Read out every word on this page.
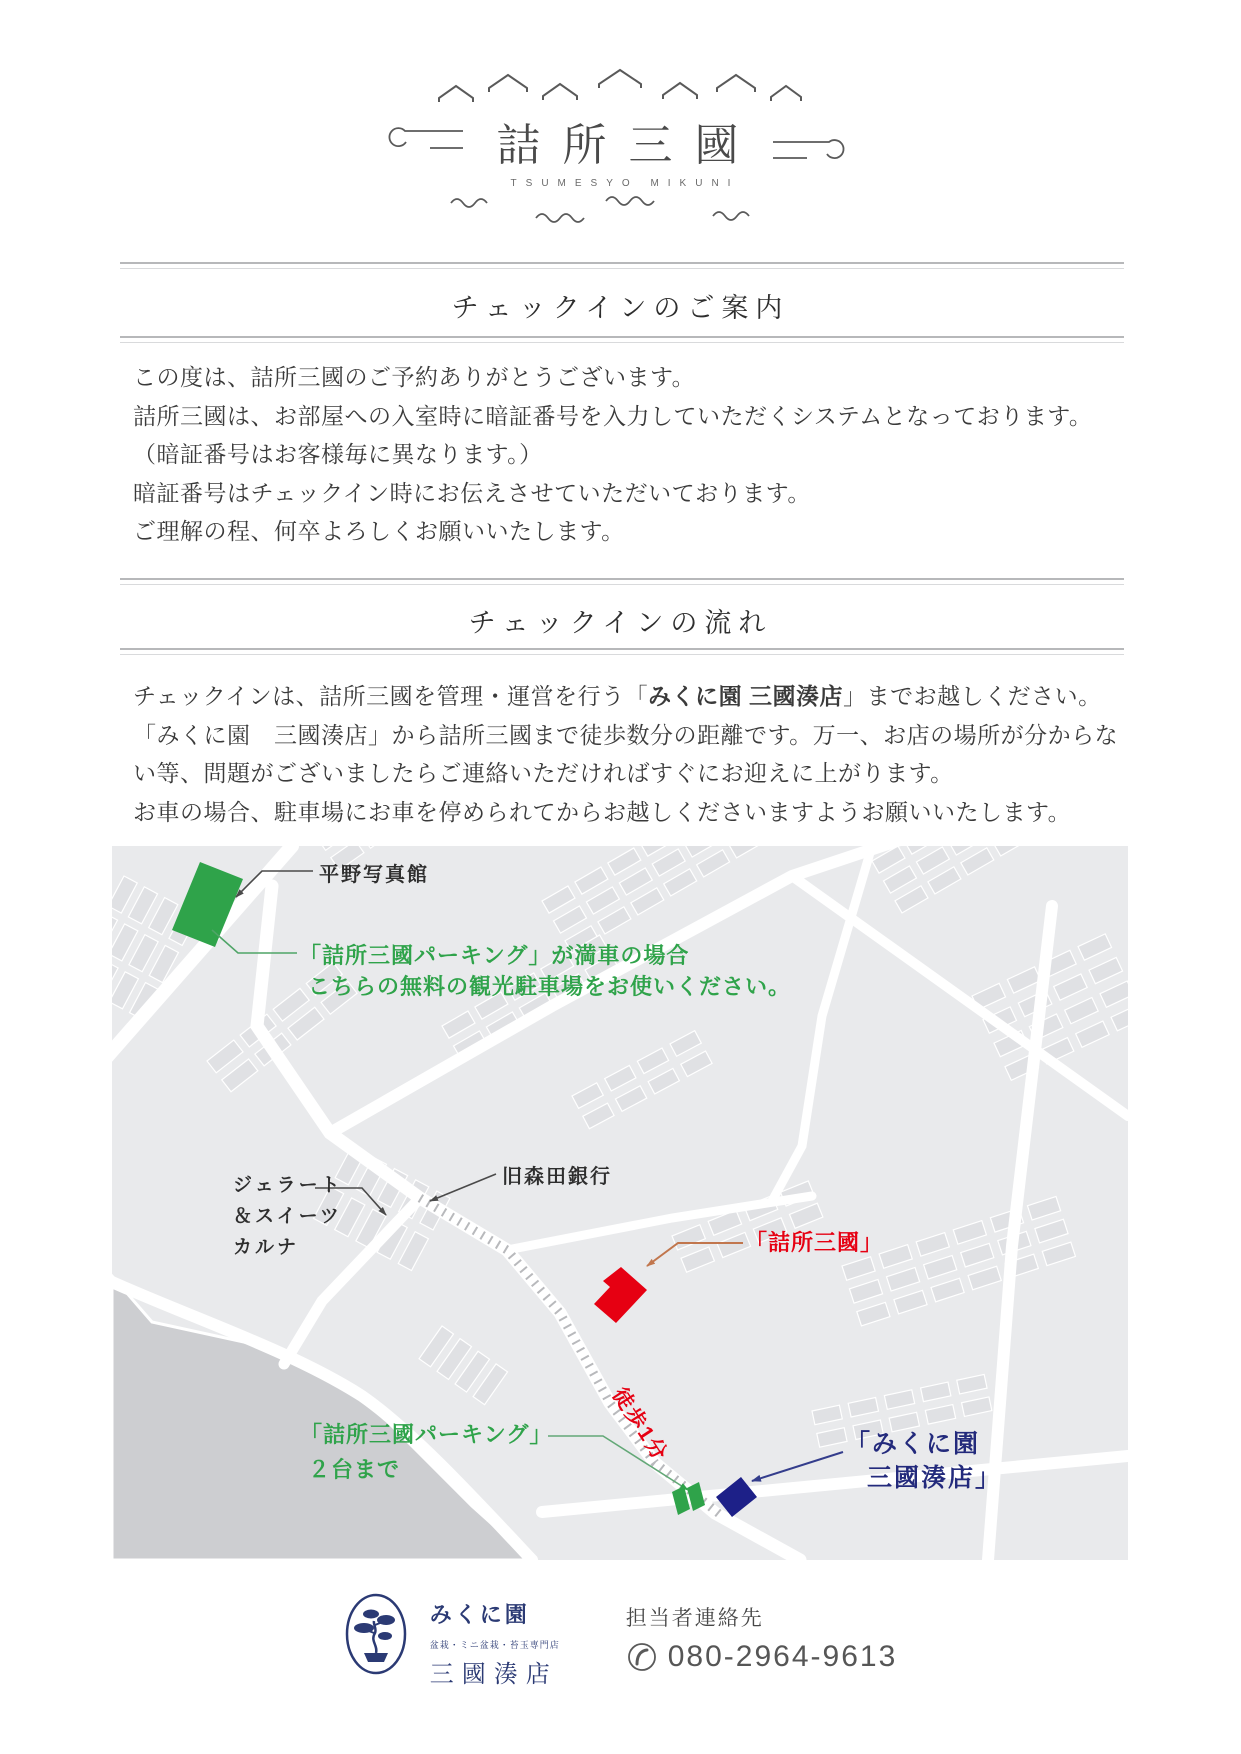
詰所三國
TSUMESYO MIKUNI
チェックインのご案内

この度は、詰所三國のご予約ありがとうございます。

詰所三國は、お部屋への入室時に暗証番号を入力していただくシステムとなっております。

（暗証番号はお客様毎に異なります。）

暗証番号はチェックイン時にお伝えさせていただいております。

ご理解の程、何卒よろしくお願いいたします。

チェックインの流れ

チェックインは、詰所三國を管理・運営を行う「みくに園 三國湊店」までお越しください。

「みくに園　三國湊店」から詰所三國まで徒歩数分の距離です。万一、お店の場所が分からな

い等、問題がございましたらご連絡いただければすぐにお迎えに上がります。

お車の場合、駐車場にお車を停められてからお越しくださいますようお願いいたします。

平野写真館
「詰所三國パーキング」が満車の場合
こちらの無料の観光駐車場をお使いください。
ジェラート
＆スイーツ
カルナ
旧森田銀行
「詰所三國」
徒歩1分
「詰所三國パーキング」
２台まで
「みくに園
三國湊店」
みくに園
盆栽・ミニ盆栽・苔玉専門店
三國湊店
担当者連絡先
080-2964-9613
